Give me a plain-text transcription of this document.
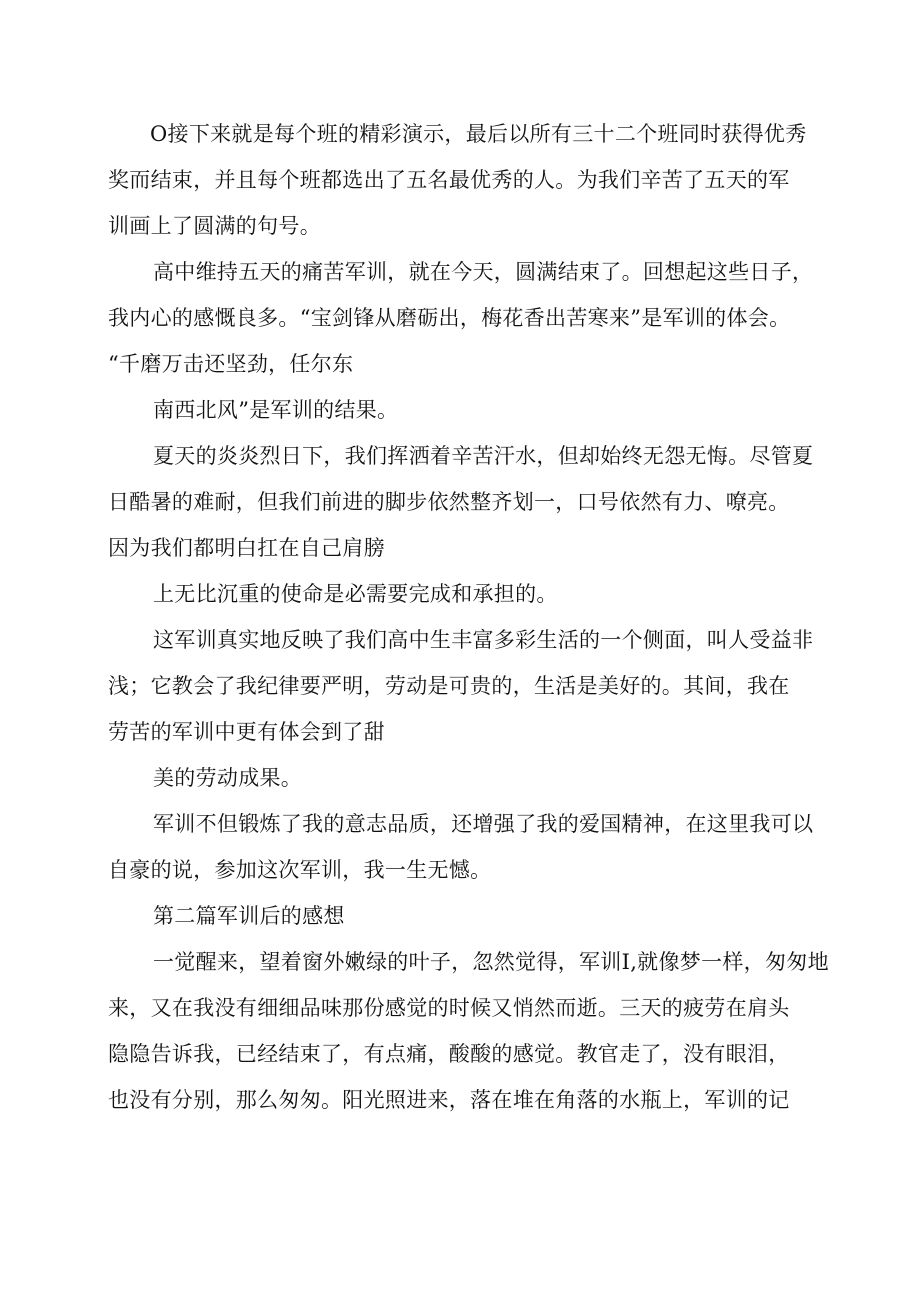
O接下来就是每个班的精彩演示，最后以所有三十二个班同时获得优秀
奖而结束，并且每个班都选出了五名最优秀的人。为我们辛苦了五天的军
训画上了圆满的句号。
高中维持五天的痛苦军训，就在今天，圆满结束了。回想起这些日子，
我内心的感慨良多。“宝剑锋从磨砺出，梅花香出苦寒来”是军训的体会。
“千磨万击还坚劲，任尔东
南西北风”是军训的结果。
夏天的炎炎烈日下，我们挥洒着辛苦汗水，但却始终无怨无悔。尽管夏
日酷暑的难耐，但我们前进的脚步依然整齐划一，口号依然有力、嘹亮。
因为我们都明白扛在自己肩膀
上无比沉重的使命是必需要完成和承担的。
这军训真实地反映了我们高中生丰富多彩生活的一个侧面，叫人受益非
浅；它教会了我纪律要严明，劳动是可贵的，生活是美好的。其间，我在
劳苦的军训中更有体会到了甜
美的劳动成果。
军训不但锻炼了我的意志品质，还增强了我的爱国精神，在这里我可以
自豪的说，参加这次军训，我一生无憾。
第二篇军训后的感想
一觉醒来，望着窗外嫩绿的叶子，忽然觉得，军训I,就像梦一样，匆匆地
来，又在我没有细细品味那份感觉的时候又悄然而逝。三天的疲劳在肩头
隐隐告诉我，已经结束了，有点痛，酸酸的感觉。教官走了，没有眼泪，
也没有分别，那么匆匆。阳光照进来，落在堆在角落的水瓶上，军训的记
